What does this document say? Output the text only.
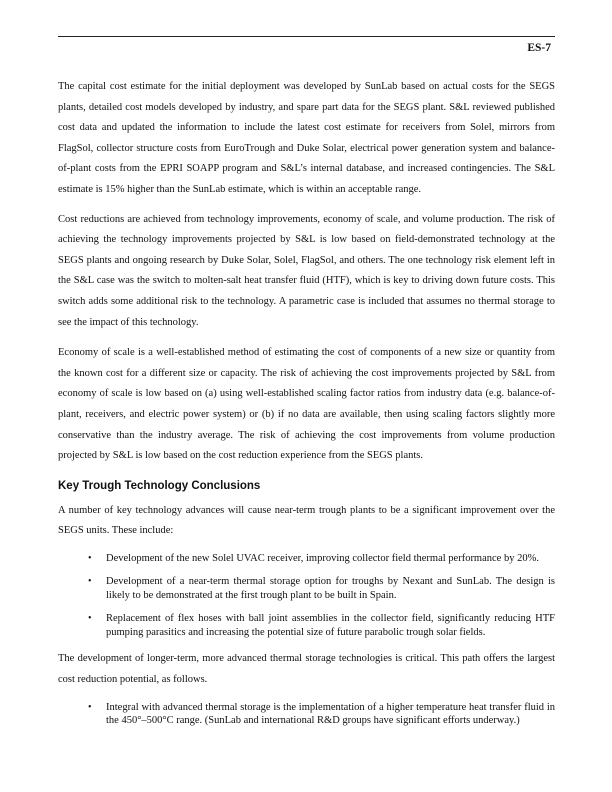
ES-7

The capital cost estimate for the initial deployment was developed by SunLab based on actual costs for the SEGS plants, detailed cost models developed by industry, and spare part data for the SEGS plant. S&L reviewed published cost data and updated the information to include the latest cost estimate for receivers from Solel, mirrors from FlagSol, collector structure costs from EuroTrough and Duke Solar, electrical power generation system and balance-of-plant costs from the EPRI SOAPP program and S&L’s internal database, and increased contingencies. The S&L estimate is 15% higher than the SunLab estimate, which is within an acceptable range.

Cost reductions are achieved from technology improvements, economy of scale, and volume production. The risk of achieving the technology improvements projected by S&L is low based on field-demonstrated technology at the SEGS plants and ongoing research by Duke Solar, Solel, FlagSol, and others. The one technology risk element left in the S&L case was the switch to molten-salt heat transfer fluid (HTF), which is key to driving down future costs. This switch adds some additional risk to the technology. A parametric case is included that assumes no thermal storage to see the impact of this technology.

Economy of scale is a well-established method of estimating the cost of components of a new size or quantity from the known cost for a different size or capacity. The risk of achieving the cost improvements projected by S&L from economy of scale is low based on (a) using well-established scaling factor ratios from industry data (e.g. balance-of-plant, receivers, and electric power system) or (b) if no data are available, then using scaling factors slightly more conservative than the industry average. The risk of achieving the cost improvements from volume production projected by S&L is low based on the cost reduction experience from the SEGS plants.

Key Trough Technology Conclusions

A number of key technology advances will cause near-term trough plants to be a significant improvement over the SEGS units. These include:

• Development of the new Solel UVAC receiver, improving collector field thermal performance by 20%.
• Development of a near-term thermal storage option for troughs by Nexant and SunLab. The design is likely to be demonstrated at the first trough plant to be built in Spain.
• Replacement of flex hoses with ball joint assemblies in the collector field, significantly reducing HTF pumping parasitics and increasing the potential size of future parabolic trough solar fields.

The development of longer-term, more advanced thermal storage technologies is critical. This path offers the largest cost reduction potential, as follows.

• Integral with advanced thermal storage is the implementation of a higher temperature heat transfer fluid in the 450°–500°C range. (SunLab and international R&D groups have significant efforts underway.)
